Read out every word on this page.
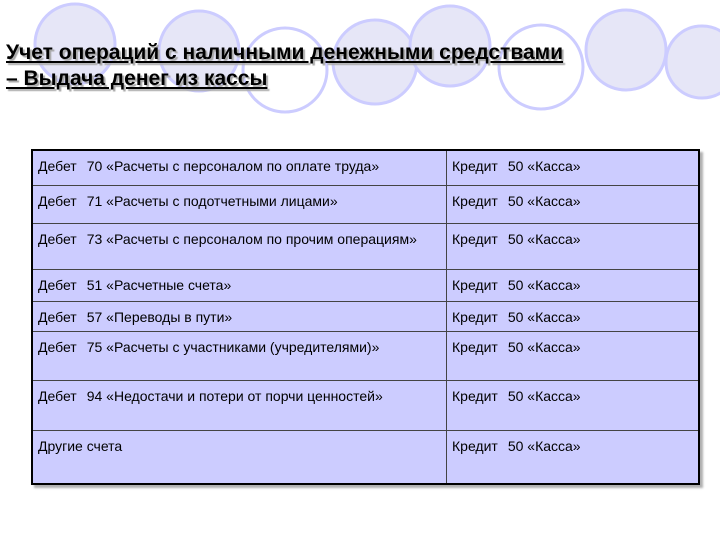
Учет операций с наличными денежными средствами
– Выдача денег из кассы
Дебет 70 «Расчеты с персоналом по оплате труда»	Кредит 50 «Касса»
Дебет 71 «Расчеты с подотчетными лицами»	Кредит 50 «Касса»
Дебет 73 «Расчеты с персоналом по прочим операциям»	Кредит 50 «Касса»
Дебет 51 «Расчетные счета»	Кредит 50 «Касса»
Дебет 57 «Переводы в пути»	Кредит 50 «Касса»
Дебет 75 «Расчеты с участниками (учредителями)»	Кредит 50 «Касса»
Дебет 94 «Недостачи и потери от порчи ценностей»	Кредит 50 «Касса»
Другие счета	Кредит 50 «Касса»
